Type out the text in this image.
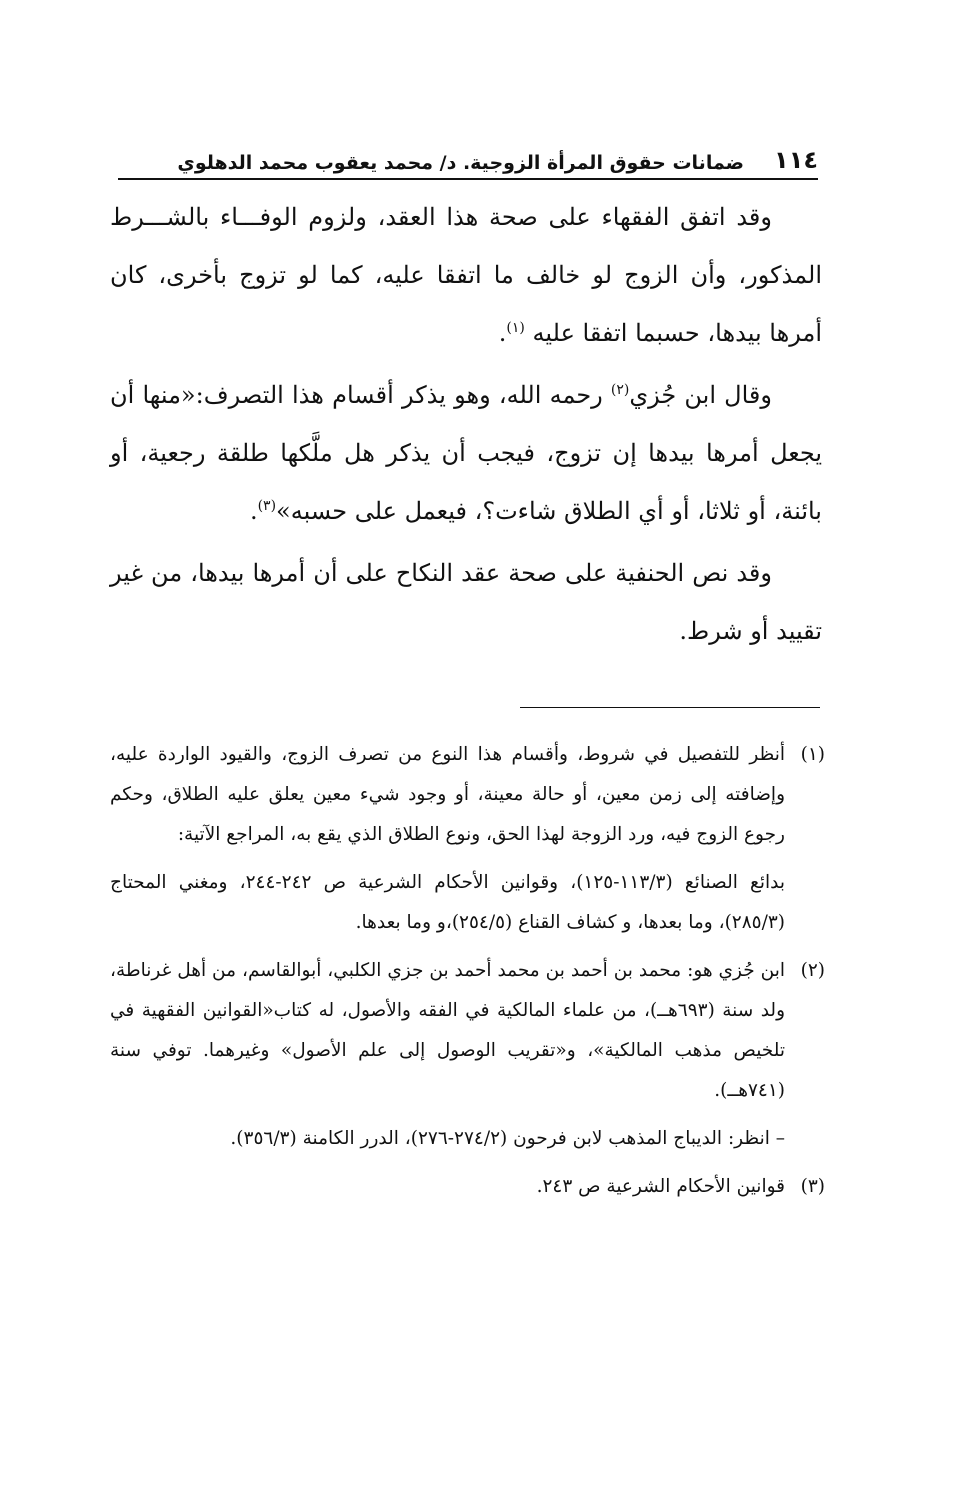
١١٤
ضمانات حقوق المرأة الزوجية. د/ محمد يعقوب محمد الدهلوي

وقد اتفق الفقهاء على صحة هذا العقد، ولزوم الوفـــاء بالشـــرط المذكور، وأن الزوج لو خالف ما اتفقا عليه، كما لو تزوج بأخرى، كان أمرها بيدها، حسبما اتفقا عليه $^{(١)}$.

وقال ابن جُزي$^{(٢)}$ رحمه الله، وهو يذكر أقسام هذا التصرف:«منها أن يجعل أمرها بيدها إن تزوج، فيجب أن يذكر هل ملَّكها طلقة رجعية، أو بائنة، أو ثلاثا، أو أي الطلاق شاءت؟، فيعمل على حسبه»$^{(٣)}$.

وقد نص الحنفية على صحة عقد النكاح على أن أمرها بيدها، من غير تقييد أو شرط.

(١)أنظر للتفصيل في شروط، وأقسام هذا النوع من تصرف الزوج، والقيود الواردة عليه، وإضافته إلى زمن معين، أو حالة معينة، أو وجود شيء معين يعلق عليه الطلاق، وحكم رجوع الزوج فيه، ورد الزوجة لهذا الحق، ونوع الطلاق الذي يقع به، المراجع الآتية:

بدائع الصنائع (١١٣/٣-١٢٥)، وقوانين الأحكام الشرعية ص ٢٤٢-٢٤٤، ومغني المحتاج (٢٨٥/٣)، وما بعدها، و كشاف القناع (٢٥٤/٥)،و وما بعدها.

(٢)ابن جُزي هو: محمد بن أحمد بن محمد أحمد بن جزي الكلبي، أبوالقاسم، من أهل غرناطة، ولد سنة (٦٩٣هــ)، من علماء المالكية في الفقه والأصول، له كتاب«القوانين الفقهية في تلخيص مذهب المالكية»، و«تقريب الوصول إلى علم الأصول» وغيرهما. توفي سنة (٧٤١هــ).

– انظر: الديباج المذهب لابن فرحون (٢٧٤/٢-٢٧٦)، الدرر الكامنة (٣٥٦/٣).

(٣)قوانين الأحكام الشرعية ص ٢٤٣.
